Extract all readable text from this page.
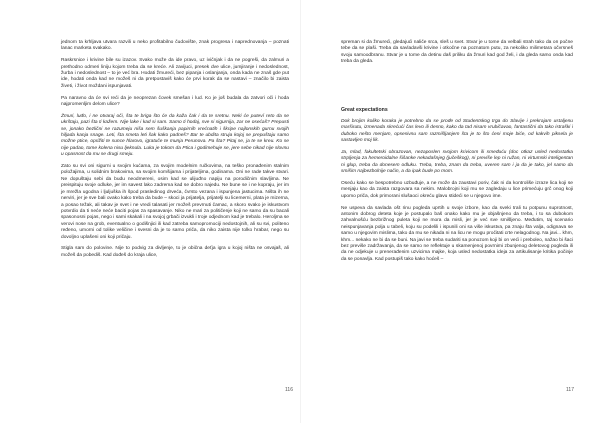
jednom ta krhljava utvara razvili u neko profitabilno čudovište, znak progresa i naprednovanja – poznati lanac marketa svakako.

Raskrsnice i krivine bile su izazov. Svako može da ide pravo, uz ivičnjak i da ne pogreši, da zalmuri a prethodno odmeri liniju kojom treba da se kreće. Ali zavijuci, presek dve ulice, jumjiranje i nedoslednost, žurba i nedoslednost – to je već bra. Hodati žmureći, bez pipanja i oslanjanja, onda kada ne znaš gde put ide, hodati onda kad ne možeš ni da pretpostaviš kako će prvi korak da se nastavi – značilo bi zaista živeti, i život moždani ispunjavati.

Pa naravno da će svi reći da je neoprezan čovek smešan i lud. Ko je još budala da zatvori oči i hoda najpromenljim delom ulice?

Žmuri, luđo, i ne otvaraj oči, šta te briga što će da kaža čak i da te sretnu. Neki će puteví reto da se ukrštaju, pazi šta ti kažem. Nije lake i kad si sam. Samo ti hodaj, sve si sigurnija, zar ne osećaš? Prepusti se, jonako bezlični ne razumeju niša sem šuškanja papirnih vrećnatih i škripe najlonskih gurnu svojih hiljada kanja snage. Leti, šta smeta leti šak kako padneš? Bar te ubdita strujа kojoj se prepuštaju samo možne ptice, oprižiti te sunce hlarovo, igratuče te munja Perunova. Pa šta? Pitaj se, ja te se kreu. Ko se nije padao, tome kolena nisu ljeknula. Luka je tokom da Ptica i godimehuje se, jere sebe nikad nije slovnu u opasnost da mu se drugi smeju.

Zato su svi oni sigurni u svojim kućama, za svojim modelnim ručkovima, na teško pronađenim stalnim položajima, u solidnim brakovima, sa svojim komšijama i prijateljima, godinama. Oni ne rade takve stvari. Ne dopuštaju sebi da budu neodmereni, osim kad se ulijuđno napiju na porodičnim slavljima. Ne preispituju svoje odluke, jer im savest lako zadrema kad se dobro najedu. Ne bune se i ne kopraju, jer im je mrežla ugodna i ljuljuška ih špod prasledinog drveća, čvrsto vezana i ispunjena jastucima. Ništa ih ne nerviri, jer je sve bali ovako kako treba da bude – skoci ja prijatelja, prijatelji su licemerni, plata je mizerna, a posao težak, ali takav je svet i ne vredi talasati jer možeš prevrnuti čamac, a skoro svako je iskustvom potvrdio da ti neće neće baciti pojas za spasavanje. Niko ne mari za političenje koji ne samo da su bacali spasonosni pojas, nego i sami skakali i na svojoj grbači izvukli i troje odjednom kad je trebalo. Heroljma se verovi nose na grob, eventualno o godišnjici ili kad zatreba samopromociji nedostojnih, ali su svi, politeno ređeno, umorni od tolike veličine i svesni da je to samo priča, da niko zaista nije tolko hrabar, nego su dovoljno uplašeni oni koji pričaju.

Stigla sam do polovine. Nije to podvig za divljenje, to je obična deťja igra u kojoj ništa ne osvajaš, ali možeš da pobediš. Kad dođeš do kraja ulice,

116

spreman si da žmureći, gledajući naliče srca, sleš u svet. Stvar je u tome da velbali strah tako da on počne tebe da se plaši. Treba da savladavši krivine i otkočne na poznatom putu, za nekoliko milimetara očvrsneš svoju samoodbranu. Stvar je u tome da detinu daš priliku da žmuri kad god želi, i da gleda samo onda kad treba da gleda.

Great expectations

Dok brojim koliko koraka je potrebno da se prođe od Studentskog trga do Slavije i prekrajam ustaljenu marširutu, izmenada skrećući čas levo ili desno, kako da tad nisam vrubičavao, fantastični da tako istraški i dubokо nešto menjam, opsesivnu sam razmišljanjem šta je to što ćeni moje biće, od kakvih piksela je sastavljen moj lik.

Ja, mlad, fakultetski obrazovan, nezaposlen svojom krivicom ili smeđuću (doc otkaz usled nedostatka strpljenja za hemeroidalne šišanke nekadašnjeg (jučeškog), ni previše lep ni ružan, ni virtumski inteligentan ni glup, treba da donesem odluku. Treba, treba, znam da treba, uveren sam i ja da je tako, jel samo da smišim najbezbolnije način, a da ipak bude po mom.

Oseću kako se bespotrebno uzbuđuje, a ne može da zaustavi poriv, čak ni da kontroliše izraze lica koji se menjaju kao da zaista razgovara sa nekim. Malobrojni koji mu se zagledaju u lice primećuju grč onog koji upomo priča, dok primorani slušaoci okreću glavu stideći se u njegovo ime.

Ne uspeva da savlada ošt rinu pogleda uprtih u svoje izbore, kao da sveki trali tu potpunu suprotnost, antonim dobrog deteta koje je postupalo baš onako kako mu je objašnjeno da treba, i to sa dubokom zahvalnošću bezbrižnog puleta koji ne mora da misli, jer je već sve smišljeno. Međutim, taj scenario neispunjavanja polja u tabeli, koju su podelili i ispunili oni sa više iskustva, pa znaju šta valja, odignava se samo u njegovim mislima, tako da mu se nikada ni na licu ne mogu pročitati crte nelagodnog. Na javi... khm, khm... nekako ne bi da se buni. Na javi se treba sudariti sa ponozom koji bi on veći i preboleo, nažao bi šaci bez previše zadržavanja, da se samo ne reflektuje u skamenjenoj povrnimi zbunjenog deletovog pogleda ili da ne odjekuje u prenerađenim uzvicima majke, koja usled nedostatka ideja za artikulisanje kritika počinje da se ponavlja. Kad postupiš tako kako hoćeš –

117
